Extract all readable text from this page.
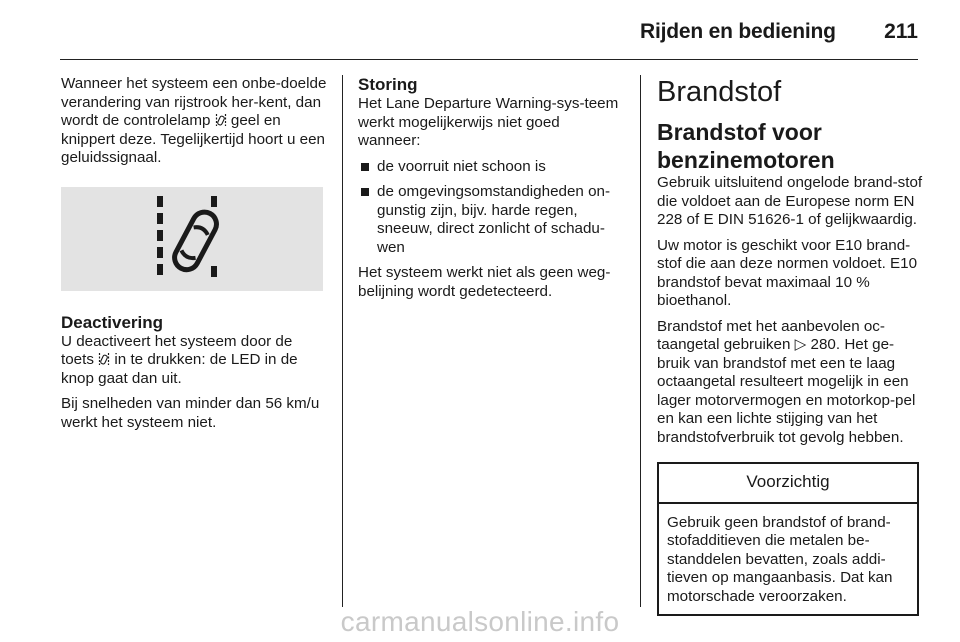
Rijden en bediening 211

Wanneer het systeem een onbe-doelde verandering van rijstrook her-kent, dan wordt de controlelamp geel en knippert deze. Tegelijkertijd hoort u een geluidssignaal.

Deactivering

U deactiveert het systeem door de toets in te drukken: de LED in de knop gaat dan uit.

Bij snelheden van minder dan 56 km/u werkt het systeem niet.

Storing

Het Lane Departure Warning-sys-teem werkt mogelijkerwijs niet goed wanneer:

de voorruit niet schoon is
de omgevingsomstandigheden on-gunstig zijn, bijv. harde regen, sneeuw, direct zonlicht of schadu-wen

Het systeem werkt niet als geen weg-belijning wordt gedetecteerd.

Brandstof
Brandstof voor benzinemotoren

Gebruik uitsluitend ongelode brand-stof die voldoet aan de Europese norm EN 228 of E DIN 51626-1 of gelijkwaardig.

Uw motor is geschikt voor E10 brand-stof die aan deze normen voldoet. E10 brandstof bevat maximaal 10 % bioethanol.

Brandstof met het aanbevolen oc-taangetal gebruiken ▷ 280. Het ge-bruik van brandstof met een te laag octaangetal resulteert mogelijk in een lager motorvermogen en motorkop-pel en kan een lichte stijging van het brandstofverbruik tot gevolg hebben.

Voorzichtig
Gebruik geen brandstof of brand-stofadditieven die metalen be-standdelen bevatten, zoals addi-tieven op mangaanbasis. Dat kan motorschade veroorzaken.
carmanualsonline.info
